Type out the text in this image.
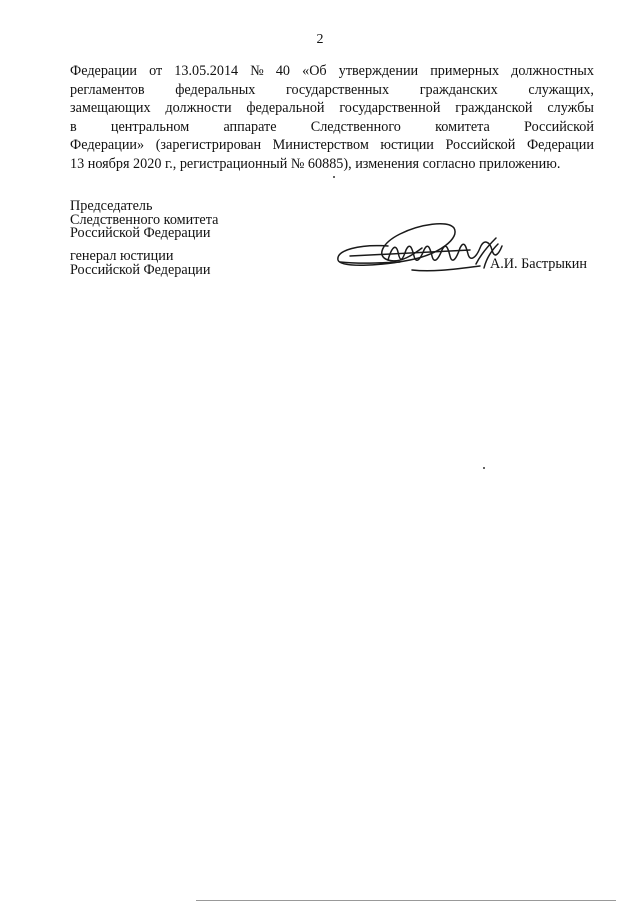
2
Федерации от 13.05.2014 № 40 «Об утверждении примерных должностных
регламентов федеральных государственных гражданских служащих,
замещающих должности федеральной государственной гражданской службы
в центральном аппарате Следственного комитета Российской
Федерации» (зарегистрирован Министерством юстиции Российской Федерации
13 ноября 2020 г., регистрационный № 60885), изменения согласно приложению.
Председатель
Следственного комитета
Российской Федерации
генерал юстиции
Российской Федерации	А.И. Бастрыкин
